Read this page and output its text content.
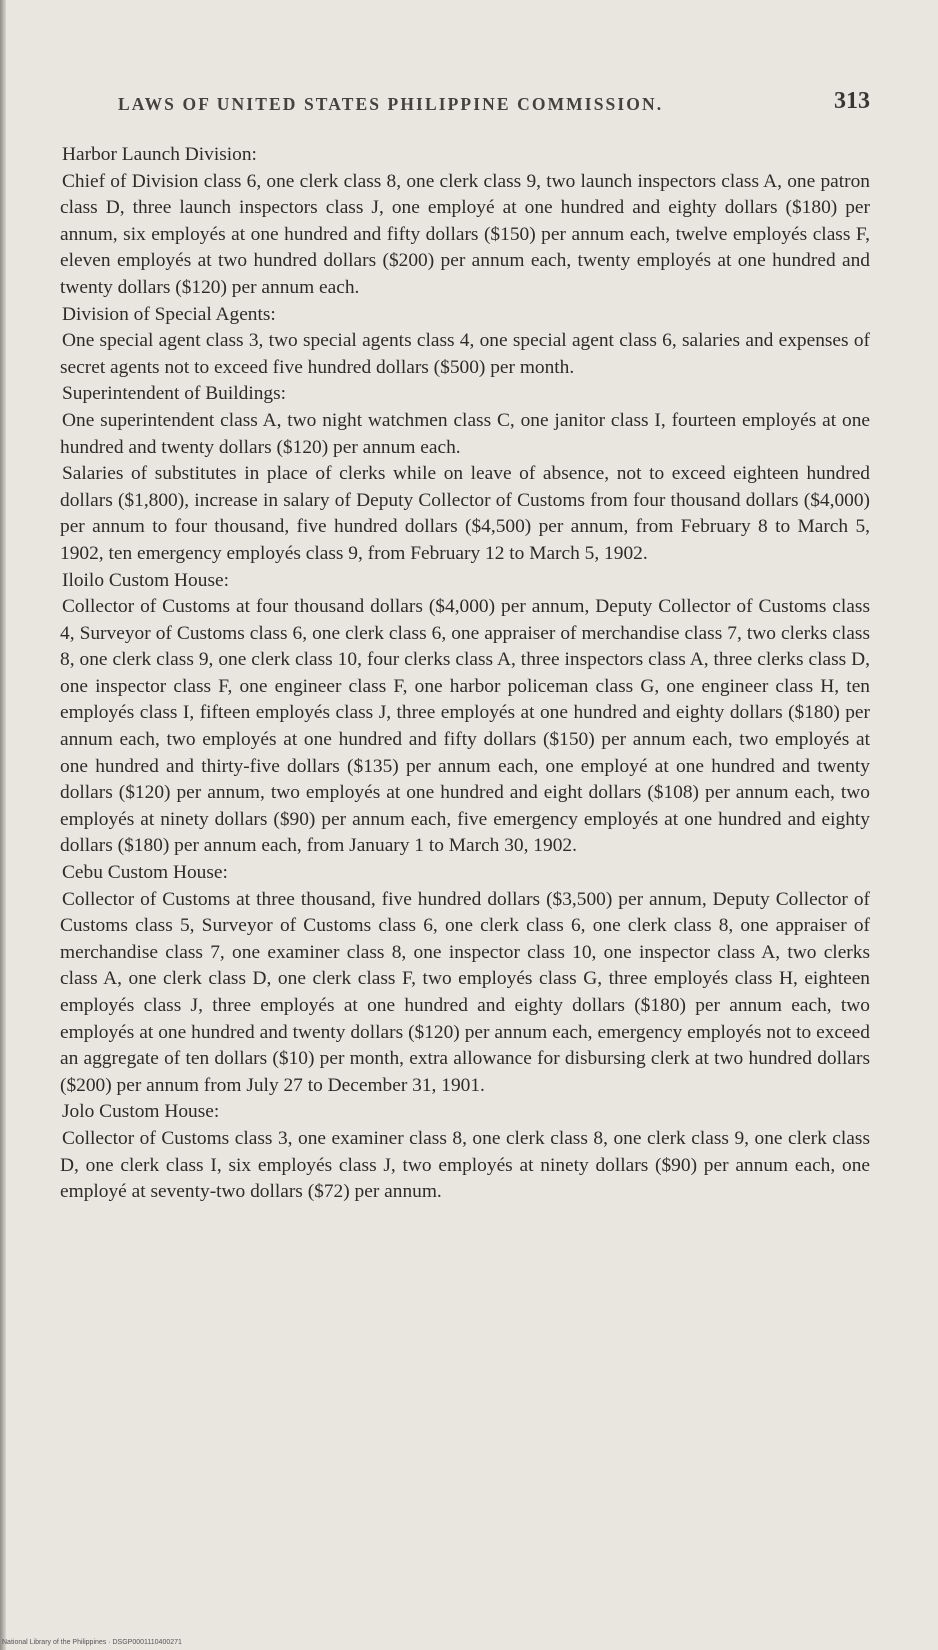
LAWS OF UNITED STATES PHILIPPINE COMMISSION.	313

Harbor Launch Division:

Chief of Division class 6, one clerk class 8, one clerk class 9, two launch inspectors class A, one patron class D, three launch inspectors class J, one employé at one hundred and eighty dollars ($180) per annum, six employés at one hundred and fifty dollars ($150) per annum each, twelve employés class F, eleven employés at two hundred dollars ($200) per annum each, twenty employés at one hundred and twenty dollars ($120) per annum each.

Division of Special Agents:

One special agent class 3, two special agents class 4, one special agent class 6, salaries and expenses of secret agents not to exceed five hundred dollars ($500) per month.

Superintendent of Buildings:

One superintendent class A, two night watchmen class C, one janitor class I, fourteen employés at one hundred and twenty dollars ($120) per annum each.

Salaries of substitutes in place of clerks while on leave of absence, not to exceed eighteen hundred dollars ($1,800), increase in salary of Deputy Collector of Customs from four thousand dollars ($4,000) per annum to four thousand, five hundred dollars ($4,500) per annum, from February 8 to March 5, 1902, ten emergency employés class 9, from February 12 to March 5, 1902.

Iloilo Custom House:

Collector of Customs at four thousand dollars ($4,000) per annum, Deputy Collector of Customs class 4, Surveyor of Customs class 6, one clerk class 6, one appraiser of merchandise class 7, two clerks class 8, one clerk class 9, one clerk class 10, four clerks class A, three inspectors class A, three clerks class D, one inspector class F, one engineer class F, one harbor policeman class G, one engineer class H, ten employés class I, fifteen employés class J, three employés at one hundred and eighty dollars ($180) per annum each, two employés at one hundred and fifty dollars ($150) per annum each, two employés at one hundred and thirty-five dollars ($135) per annum each, one employé at one hundred and twenty dollars ($120) per annum, two employés at one hundred and eight dollars ($108) per annum each, two employés at ninety dollars ($90) per annum each, five emergency employés at one hundred and eighty dollars ($180) per annum each, from January 1 to March 30, 1902.

Cebu Custom House:

Collector of Customs at three thousand, five hundred dollars ($3,500) per annum, Deputy Collector of Customs class 5, Surveyor of Customs class 6, one clerk class 6, one clerk class 8, one appraiser of merchandise class 7, one examiner class 8, one inspector class 10, one inspector class A, two clerks class A, one clerk class D, one clerk class F, two employés class G, three employés class H, eighteen employés class J, three employés at one hundred and eighty dollars ($180) per annum each, two employés at one hundred and twenty dollars ($120) per annum each, emergency employés not to exceed an aggregate of ten dollars ($10) per month, extra allowance for disbursing clerk at two hundred dollars ($200) per annum from July 27 to December 31, 1901.

Jolo Custom House:

Collector of Customs class 3, one examiner class 8, one clerk class 8, one clerk class 9, one clerk class D, one clerk class I, six employés class J, two employés at ninety dollars ($90) per annum each, one employé at seventy-two dollars ($72) per annum.

National Library of the Philippines · DSGP0001110400271
